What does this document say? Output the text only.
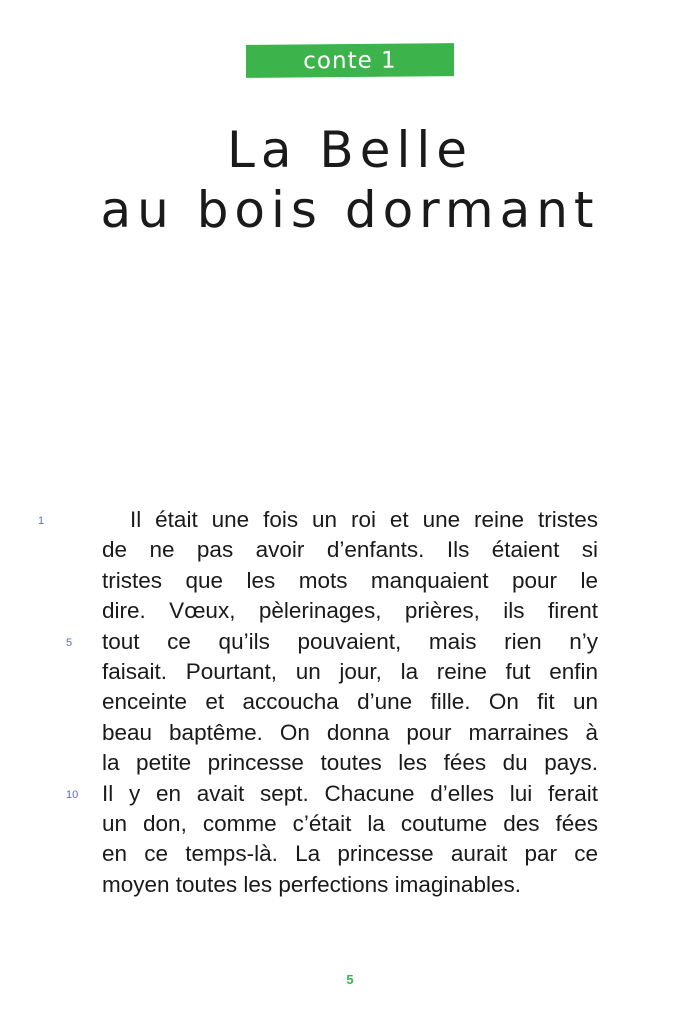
conte 1
La Belle
au bois dormant
1	Il était une fois un roi et une reine tristes
de ne pas avoir d’enfants. Ils étaient si
tristes que les mots manquaient pour le
dire. Vœux, pèlerinages, prières, ils firent
5	tout ce qu’ils pouvaient, mais rien n’y
faisait. Pourtant, un jour, la reine fut enfin
enceinte et accoucha d’une fille. On fit un
beau baptême. On donna pour marraines à
la petite princesse toutes les fées du pays.
10	Il y en avait sept. Chacune d’elles lui ferait
un don, comme c’était la coutume des fées
en ce temps-là. La princesse aurait par ce
moyen toutes les perfections imaginables.
5
